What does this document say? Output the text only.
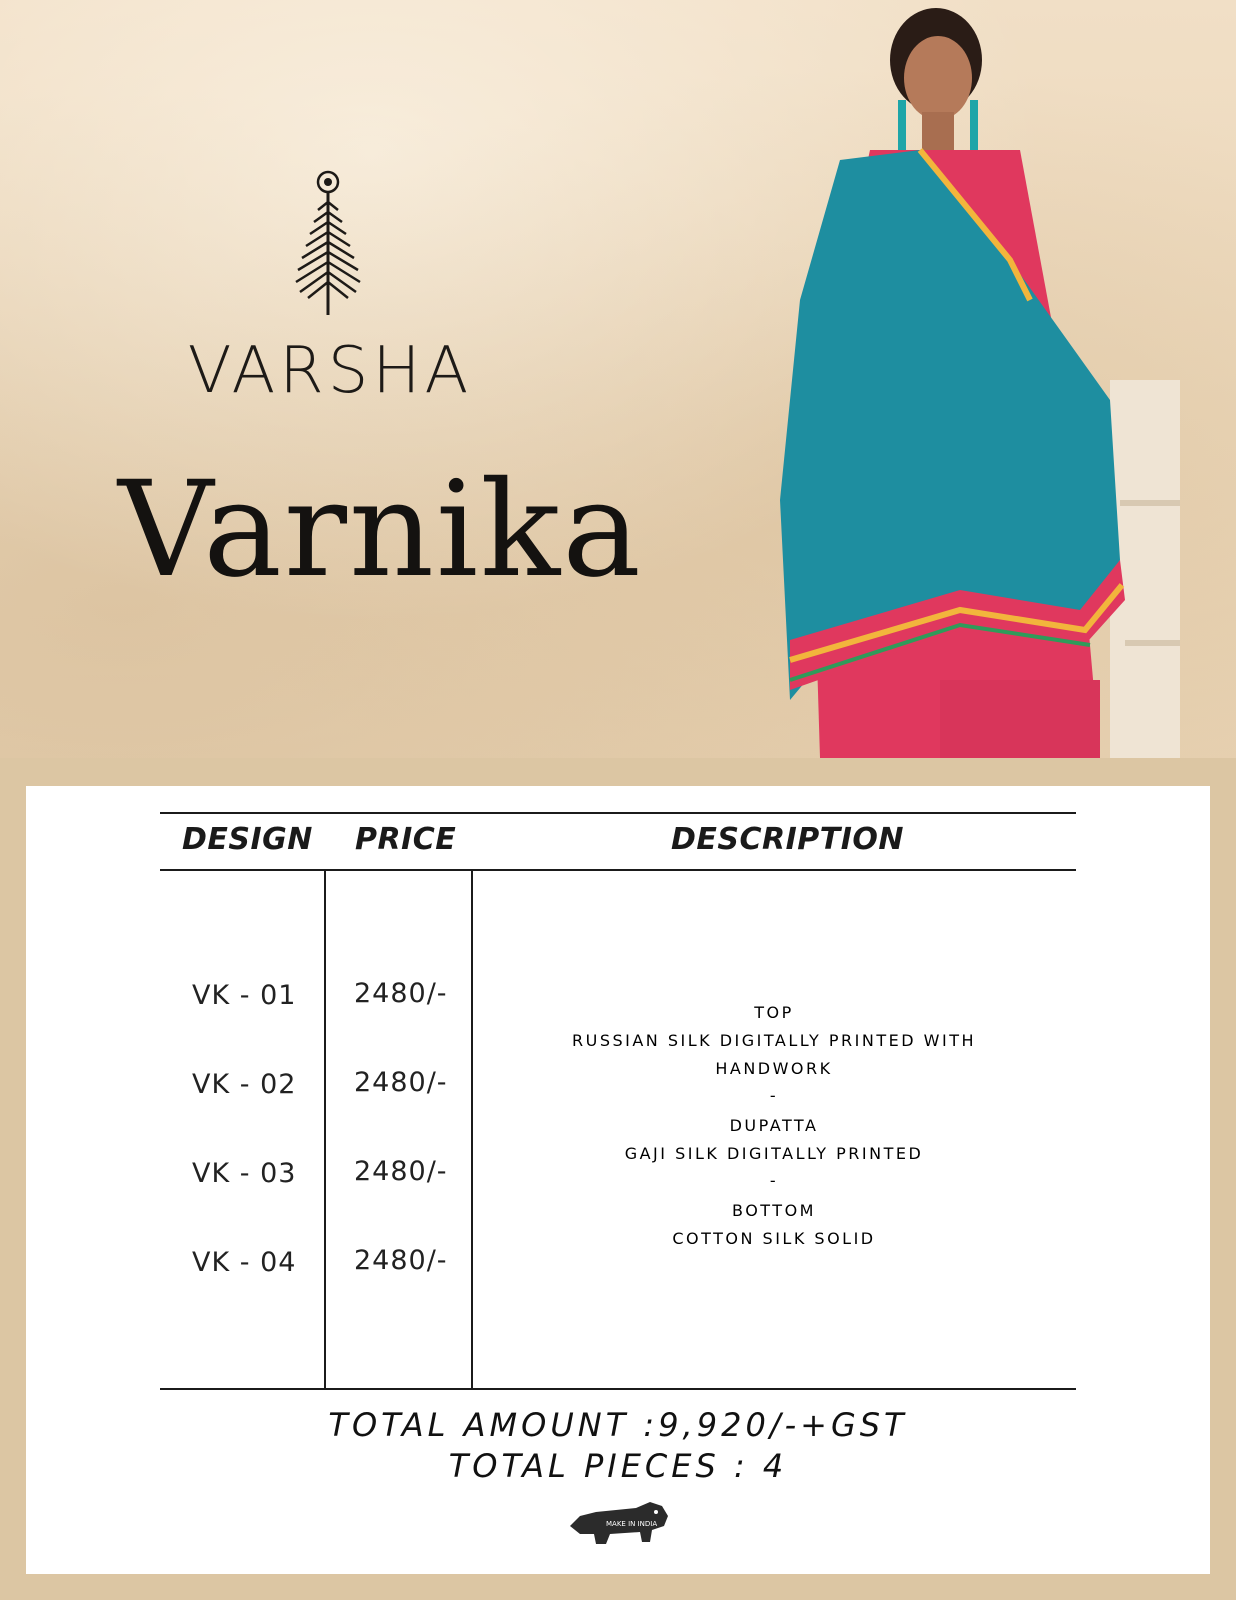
VARSHA
Varnika
DESIGN PRICE	DESCRIPTION
VK - 01 2480/-
VK - 02 2480/-
VK - 03 2480/-
VK - 04 2480/-
TOP
RUSSIAN SILK DIGITALLY PRINTED WITH
HANDWORK
-
DUPATTA
GAJI SILK DIGITALLY PRINTED
-
BOTTOM
COTTON SILK SOLID
TOTAL AMOUNT :9,920/-+GST
TOTAL PIECES : 4
MAKE IN INDIA
